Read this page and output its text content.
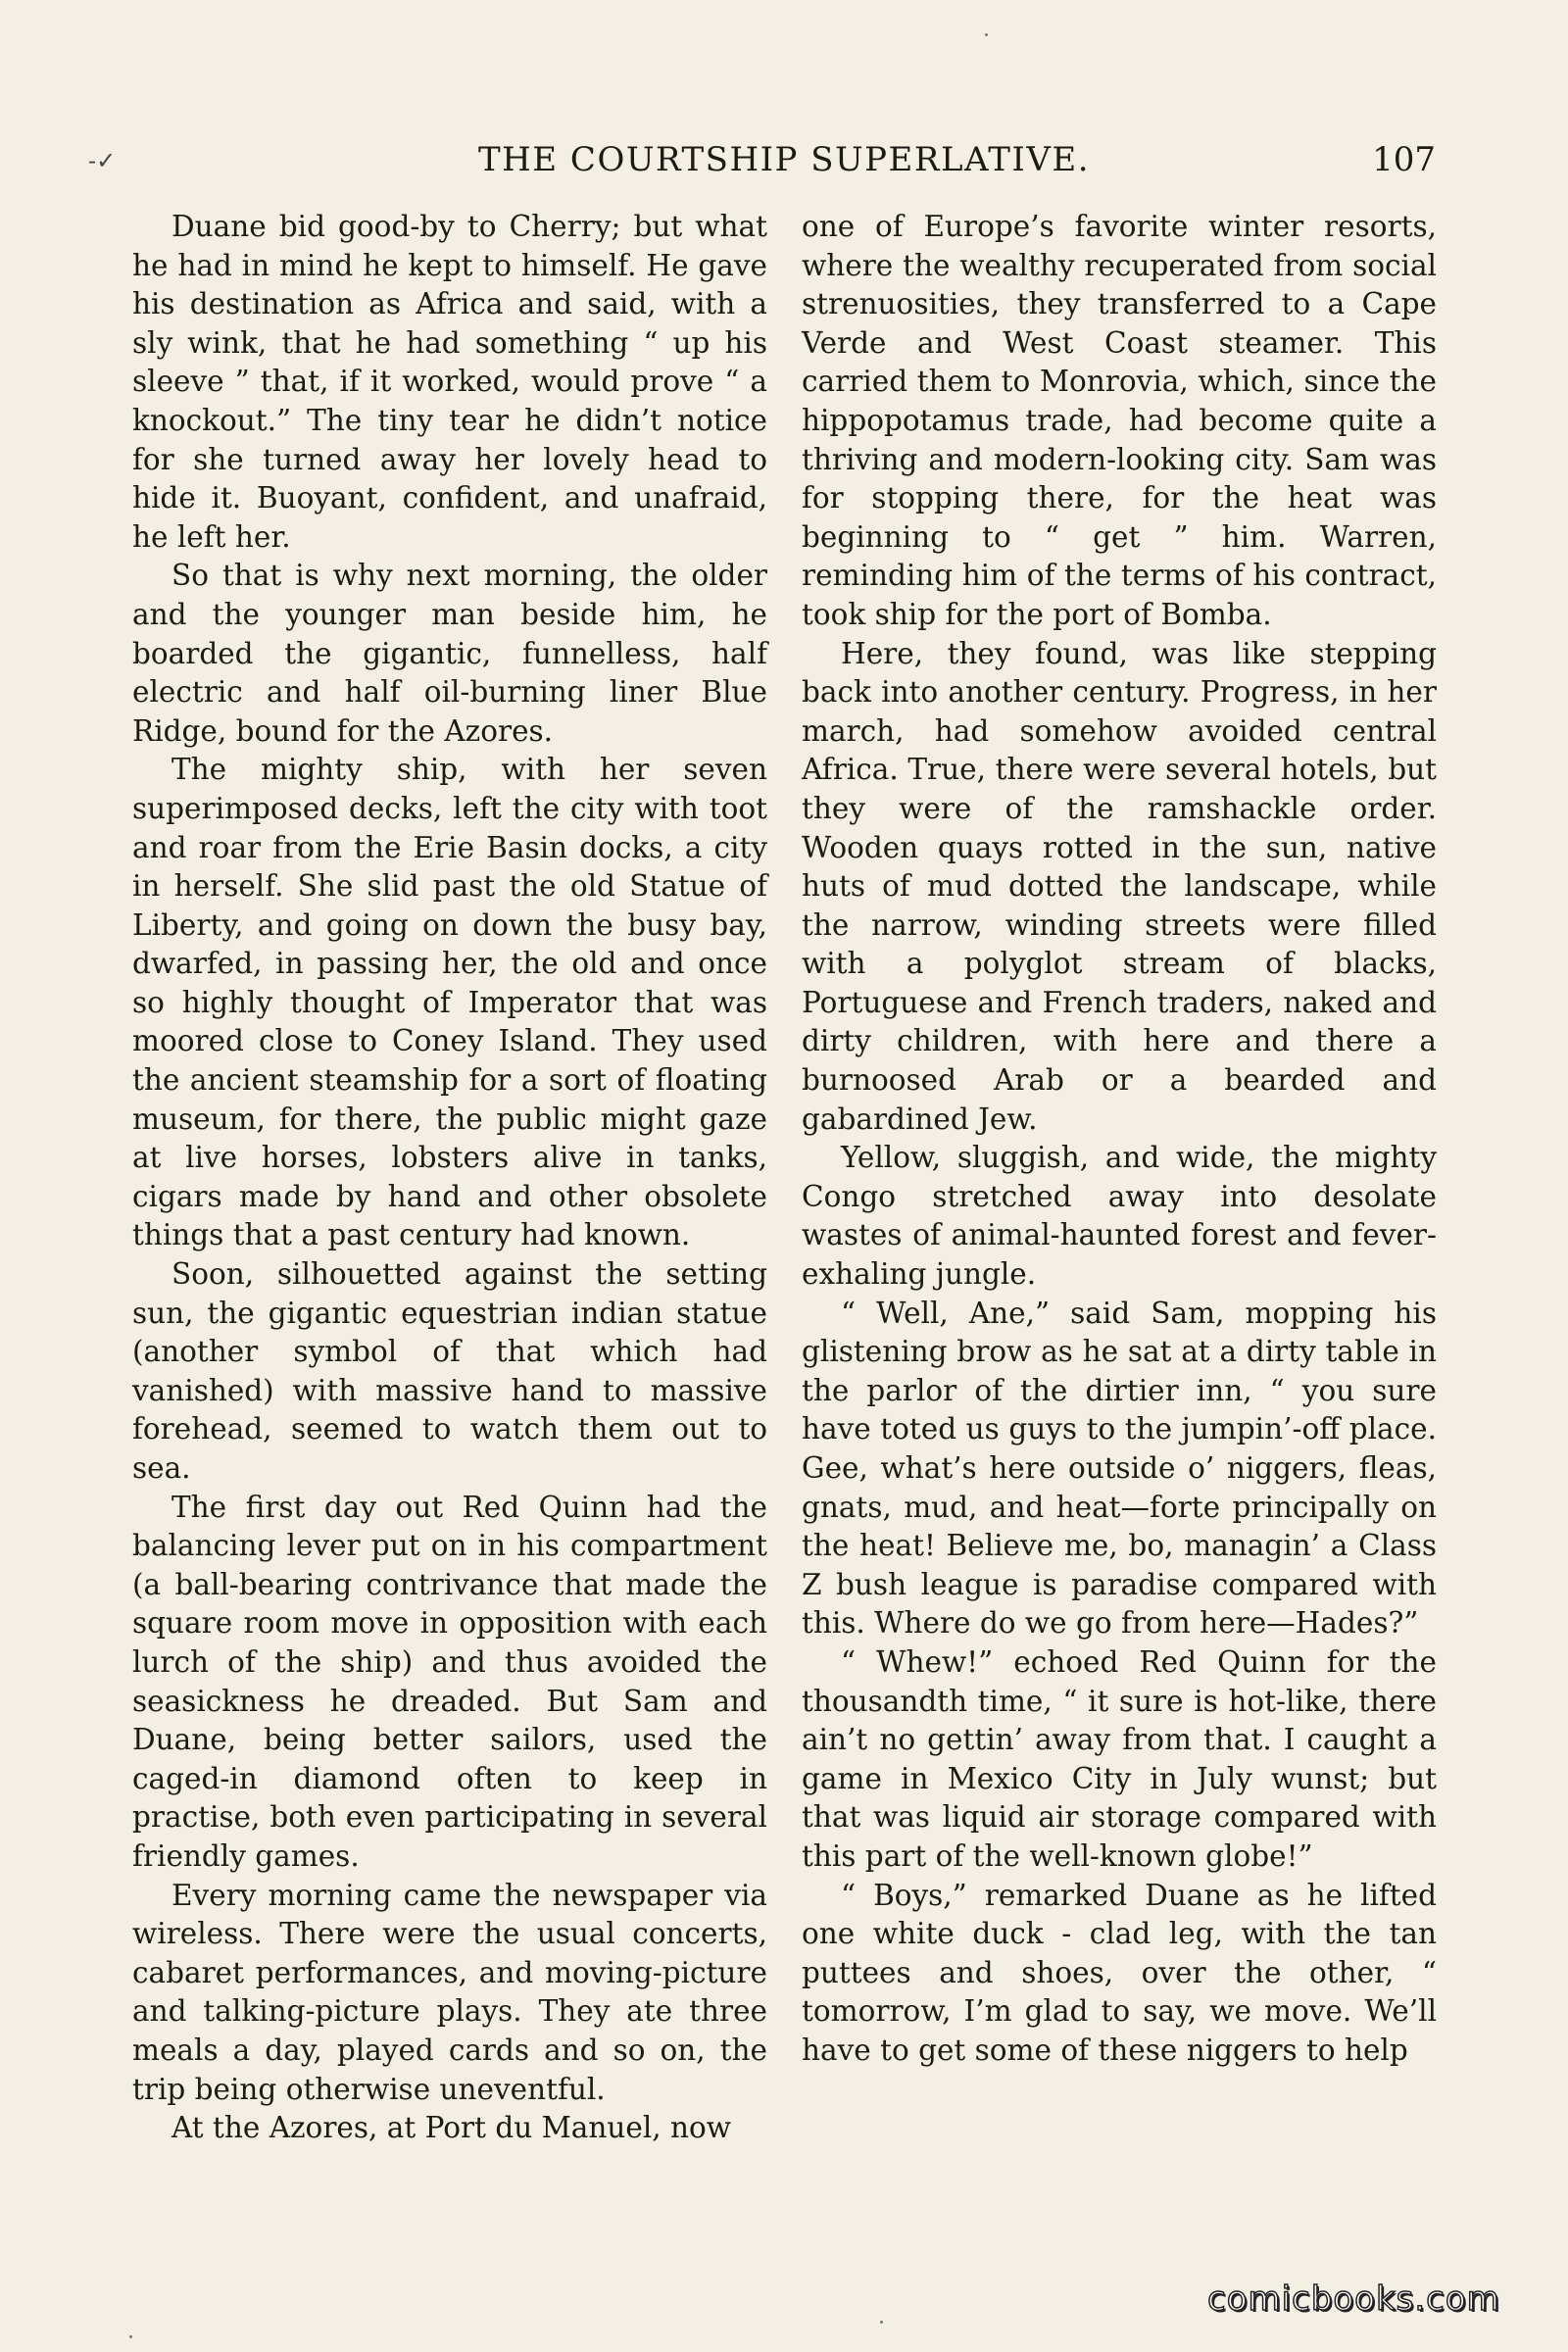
-✓	THE COURTSHIP SUPERLATIVE.	107

Duane bid good-by to Cherry; but what he had in mind he kept to himself. He gave his destination as Africa and said, with a sly wink, that he had something “ up his sleeve ” that, if it worked, would prove “ a knockout.” The tiny tear he didn’t notice for she turned away her lovely head to hide it. Buoyant, confident, and unafraid, he left her.

So that is why next morning, the older and the younger man beside him, he boarded the gigantic, funnelless, half electric and half oil-burning liner Blue Ridge, bound for the Azores.

The mighty ship, with her seven superimposed decks, left the city with toot and roar from the Erie Basin docks, a city in herself. She slid past the old Statue of Liberty, and going on down the busy bay, dwarfed, in passing her, the old and once so highly thought of Imperator that was moored close to Coney Island. They used the ancient steamship for a sort of floating museum, for there, the public might gaze at live horses, lobsters alive in tanks, cigars made by hand and other obsolete things that a past century had known.

Soon, silhouetted against the setting sun, the gigantic equestrian indian statue (another symbol of that which had vanished) with massive hand to massive forehead, seemed to watch them out to sea.

The first day out Red Quinn had the balancing lever put on in his compartment (a ball-bearing contrivance that made the square room move in opposition with each lurch of the ship) and thus avoided the seasickness he dreaded. But Sam and Duane, being better sailors, used the caged-in diamond often to keep in practise, both even participating in several friendly games.

Every morning came the newspaper via wireless. There were the usual concerts, cabaret performances, and moving-picture and talking-picture plays. They ate three meals a day, played cards and so on, the trip being otherwise uneventful.

At the Azores, at Port du Manuel, now

one of Europe’s favorite winter resorts, where the wealthy recuperated from social strenuosities, they transferred to a Cape Verde and West Coast steamer. This carried them to Monrovia, which, since the hippopotamus trade, had become quite a thriving and modern-looking city. Sam was for stopping there, for the heat was beginning to “ get ” him. Warren, reminding him of the terms of his contract, took ship for the port of Bomba.

Here, they found, was like stepping back into another century. Progress, in her march, had somehow avoided central Africa. True, there were several hotels, but they were of the ramshackle order. Wooden quays rotted in the sun, native huts of mud dotted the landscape, while the narrow, winding streets were filled with a polyglot stream of blacks, Portuguese and French traders, naked and dirty children, with here and there a burnoosed Arab or a bearded and gabardined Jew.

Yellow, sluggish, and wide, the mighty Congo stretched away into desolate wastes of animal-haunted forest and fever-exhaling jungle.

“ Well, Ane,” said Sam, mopping his glistening brow as he sat at a dirty table in the parlor of the dirtier inn, “ you sure have toted us guys to the jumpin’-off place. Gee, what’s here outside o’ niggers, fleas, gnats, mud, and heat—forte principally on the heat! Believe me, bo, managin’ a Class Z bush league is paradise compared with this. Where do we go from here—Hades?”

“ Whew!” echoed Red Quinn for the thousandth time, “ it sure is hot-like, there ain’t no gettin’ away from that. I caught a game in Mexico City in July wunst; but that was liquid air storage compared with this part of the well-known globe!”

“ Boys,” remarked Duane as he lifted one white duck - clad leg, with the tan puttees and shoes, over the other, “ tomorrow, I’m glad to say, we move. We’ll have to get some of these niggers to help

comicbooks.com
